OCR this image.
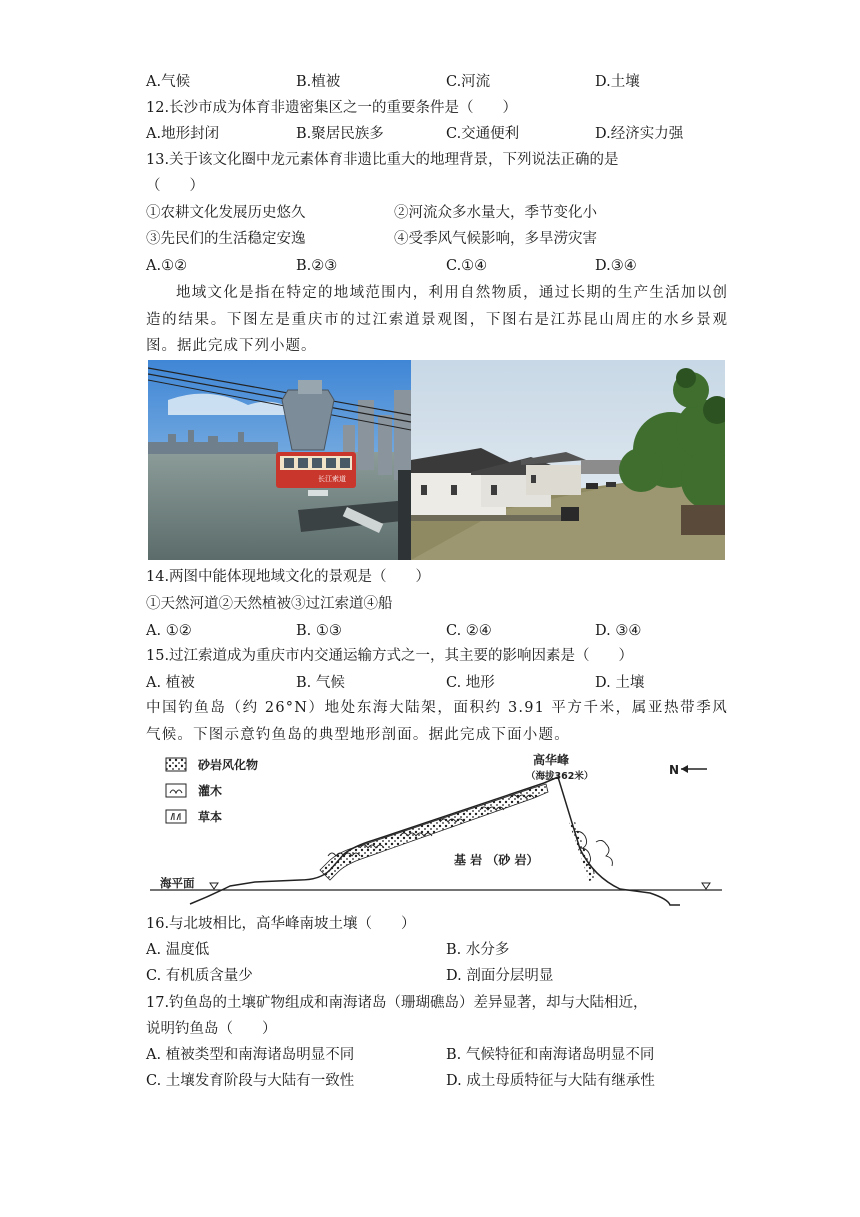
A.气候	B.植被	C.河流	D.土壤
12.长沙市成为体育非遗密集区之一的重要条件是（　　）
A.地形封闭	B.聚居民族多	C.交通便利	D.经济实力强
13.关于该文化圈中龙元素体育非遗比重大的地理背景，下列说法正确的是
（　　）
①农耕文化发展历史悠久	②河流众多水量大，季节变化小
③先民们的生活稳定安逸	④受季风气候影响，多旱涝灾害
A.①②	B.②③	C.①④	D.③④
地域文化是指在特定的地域范围内，利用自然物质，通过长期的生产生活加以创造的结果。下图左是重庆市的过江索道景观图，下图右是江苏昆山周庄的水乡景观图。据此完成下列小题。
长江索道
14.两图中能体现地域文化的景观是（　　）
①天然河道②天然植被③过江索道④船
A. ①②	B. ①③	C. ②④	D. ③④
15.过江索道成为重庆市内交通运输方式之一，其主要的影响因素是（　　）
A. 植被	B. 气候	C. 地形	D. 土壤
中国钓鱼岛（约 26°N）地处东海大陆架，面积约 3.91 平方千米，属亚热带季风气候。下图示意钓鱼岛的典型地形剖面。据此完成下面小题。
砂岩风化物
灌木
草本
高华峰
（海拔362米）	N
海平面
基 岩 （砂 岩）
16.与北坡相比，高华峰南坡土壤（　　）
A. 温度低	B. 水分多
C. 有机质含量少	D. 剖面分层明显
17.钓鱼岛的土壤矿物组成和南海诸岛（珊瑚礁岛）差异显著，却与大陆相近，
说明钓鱼岛（　　）
A. 植被类型和南海诸岛明显不同	B. 气候特征和南海诸岛明显不同
C. 土壤发育阶段与大陆有一致性	D. 成土母质特征与大陆有继承性
